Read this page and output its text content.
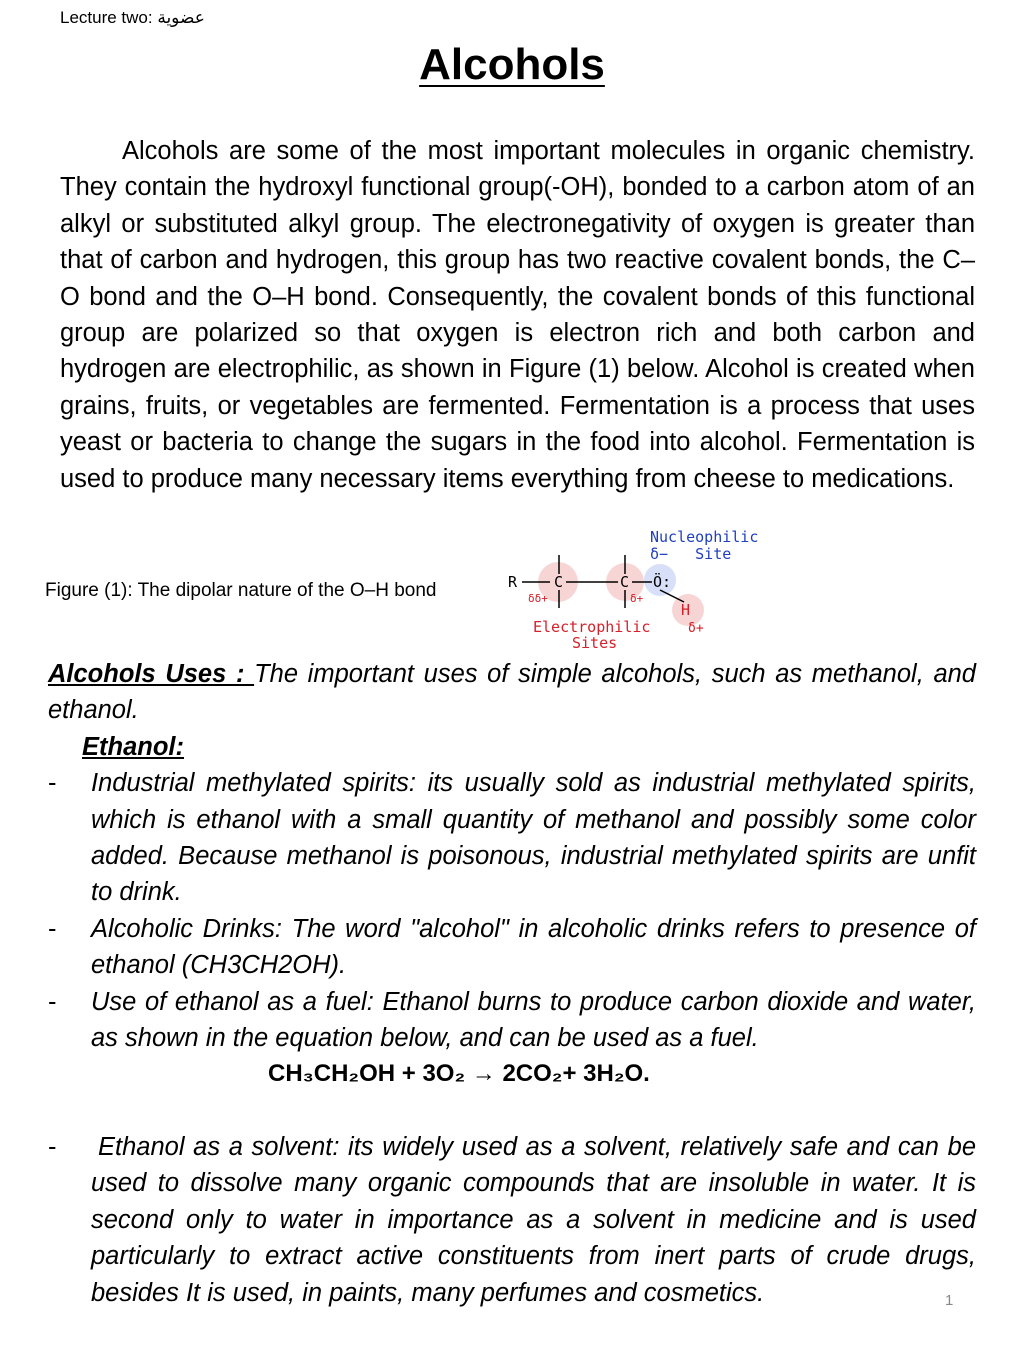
Lecture two: عضوية
Alcohols

Alcohols are some of the most important molecules in organic chemistry. They contain the hydroxyl functional group(-OH), bonded to a carbon atom of an alkyl or substituted alkyl group. The electronegativity of oxygen is greater than that of carbon and hydrogen, this group has two reactive covalent bonds, the C–O bond and the O–H bond. Consequently, the covalent bonds of this functional group are polarized so that oxygen is electron rich and both carbon and hydrogen are electrophilic, as shown in Figure (1) below. Alcohol is created when grains, fruits, or vegetables are fermented. Fermentation is a process that uses yeast or bacteria to change the sugars in the food into alcohol. Fermentation is used to produce many necessary items everything from cheese to medications.

Figure (1): The dipolar nature of the O–H bond
Nucleophilic
δ−   Site
R C	C Ö:
H
δδ+	δ+
Electrophilic	δ+
Sites
Alcohols Uses : The important uses of simple alcohols, such as methanol, and ethanol.
Ethanol:

- Industrial methylated spirits: its usually sold as industrial methylated spirits, which is ethanol with a small quantity of methanol and possibly some color added. Because methanol is poisonous, industrial methylated spirits are unfit to drink.

- Alcoholic Drinks: The word "alcohol" in alcoholic drinks refers to presence of ethanol (CH3CH2OH).

- Use of ethanol as a fuel: Ethanol burns to produce carbon dioxide and water, as shown in the equation below, and can be used as a fuel.

CH₃CH₂OH + 3O₂ → 2CO₂+ 3H₂O.

- Ethanol as a solvent: its widely used as a solvent, relatively safe and can be used to dissolve many organic compounds that are insoluble in water. It is second only to water in importance as a solvent in medicine and is used particularly to extract active constituents from inert parts of crude drugs, besides It is used, in paints, many perfumes and cosmetics.	1
